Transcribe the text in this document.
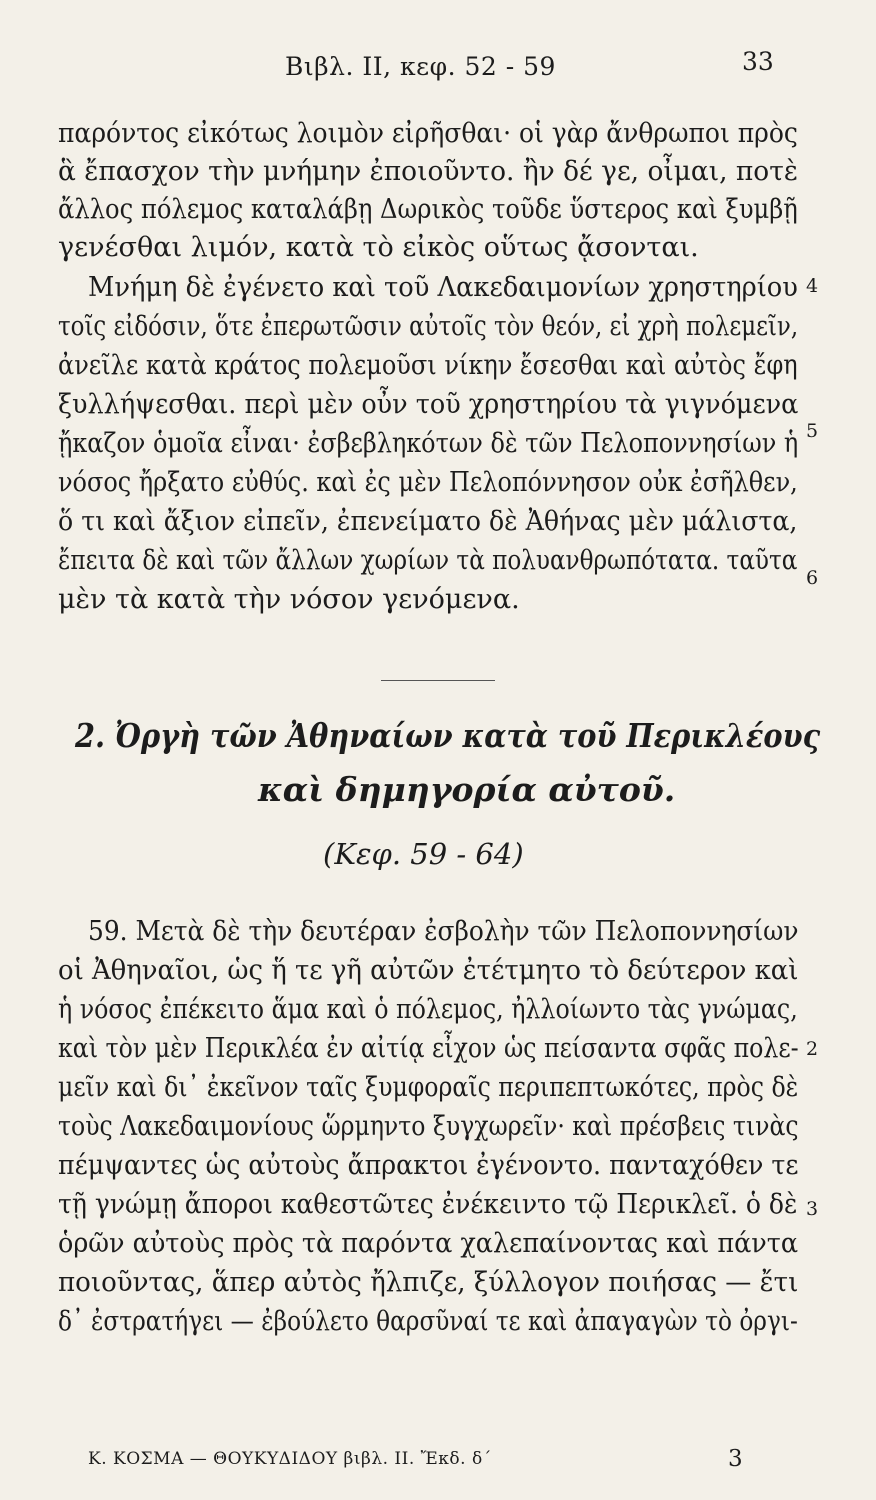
Βιβλ. II, κεφ. 52 - 59	33
παρόντος εἰκότως λοιμὸν εἰρῆσθαι· οἱ γὰρ ἄνθρωποι πρὸς
ἃ ἔπασχον τὴν μνήμην ἐποιοῦντο. ἢν δέ γε, οἶμαι, ποτὲ
ἄλλος πόλεμος καταλάβῃ Δωρικὸς τοῦδε ὕστερος καὶ ξυμβῇ
γενέσθαι λιμόν, κατὰ τὸ εἰκὸς οὕτως ᾄσονται.
Μνήμη δὲ ἐγένετο καὶ τοῦ Λακεδαιμονίων χρηστηρίου
τοῖς εἰδόσιν, ὅτε ἐπερωτῶσιν αὐτοῖς τὸν θεόν, εἰ χρὴ πολεμεῖν,
ἀνεῖλε κατὰ κράτος πολεμοῦσι νίκην ἔσεσθαι καὶ αὐτὸς ἔφη
ξυλλήψεσθαι. περὶ μὲν οὖν τοῦ χρηστηρίου τὰ γιγνόμενα
ᾔκαζον ὁμοῖα εἶναι· ἐσβεβληκότων δὲ τῶν Πελοποννησίων ἡ
νόσος ἤρξατο εὐθύς. καὶ ἐς μὲν Πελοπόννησον οὐκ ἐσῆλθεν,
ὅ τι καὶ ἄξιον εἰπεῖν, ἐπενείματο δὲ Ἀθήνας μὲν μάλιστα,
ἔπειτα δὲ καὶ τῶν ἄλλων χωρίων τὰ πολυανθρωπότατα. ταῦτα
μὲν τὰ κατὰ τὴν νόσον γενόμενα.
4
5
6
2. Ὀργὴ τῶν Ἀθηναίων κατὰ τοῦ Περικλέους
καὶ δημηγορία αὐτοῦ.
(Κεφ. 59 - 64)
59. Μετὰ δὲ τὴν δευτέραν ἐσβολὴν τῶν Πελοποννησίων
οἱ Ἀθηναῖοι, ὡς ἥ τε γῆ αὐτῶν ἐτέτμητο τὸ δεύτερον καὶ
ἡ νόσος ἐπέκειτο ἅμα καὶ ὁ πόλεμος, ἠλλοίωντο τὰς γνώμας,
καὶ τὸν μὲν Περικλέα ἐν αἰτίᾳ εἶχον ὡς πείσαντα σφᾶς πολε-
μεῖν καὶ δι᾽ ἐκεῖνον ταῖς ξυμφοραῖς περιπεπτωκότες, πρὸς δὲ
τοὺς Λακεδαιμονίους ὥρμηντο ξυγχωρεῖν· καὶ πρέσβεις τινὰς
πέμψαντες ὡς αὐτοὺς ἄπρακτοι ἐγένοντο. πανταχόθεν τε
τῇ γνώμῃ ἄποροι καθεστῶτες ἐνέκειντο τῷ Περικλεῖ. ὁ δὲ
ὁρῶν αὐτοὺς πρὸς τὰ παρόντα χαλεπαίνοντας καὶ πάντα
ποιοῦντας, ἅπερ αὐτὸς ἤλπιζε, ξύλλογον ποιήσας — ἔτι
δ᾽ ἐστρατήγει — ἐβούλετο θαρσῦναί τε καὶ ἀπαγαγὼν τὸ ὀργι-
2
3
Κ. ΚΟΣΜΑ — ΘΟΥΚΥΔΙΔΟΥ βιβλ. II. Ἔκδ. δ΄	3
